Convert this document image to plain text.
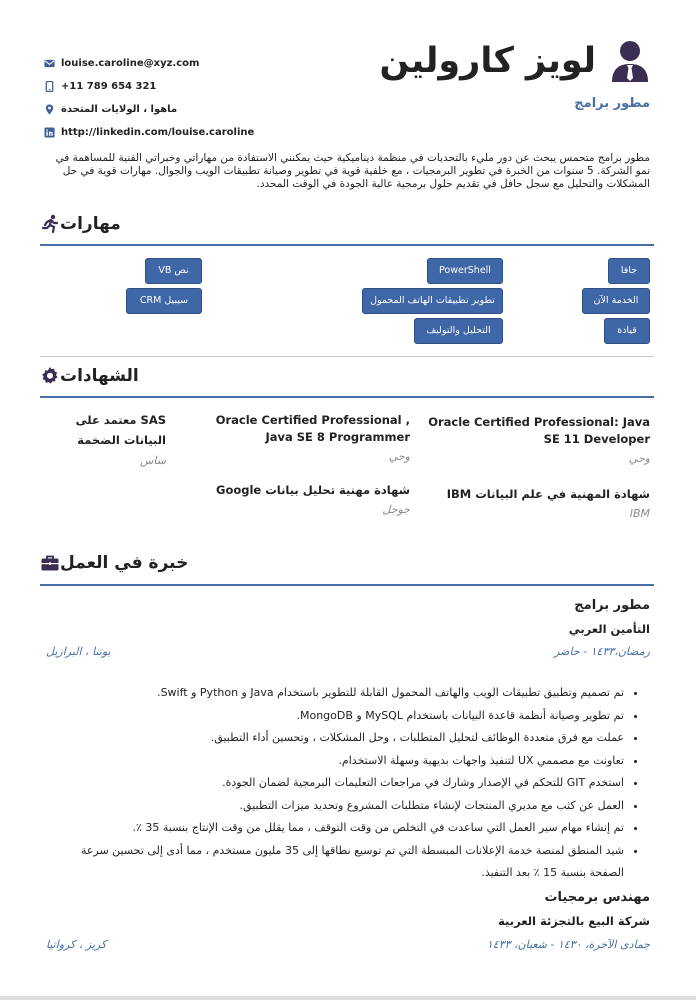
louise.caroline@xyz.com
+11 789 654 321
ماهوا ، الولايات المتحدة
http://linkedin.com/louise.caroline
لويز كارولين
مطور برامج
مطور برامج متحمس يبحث عن دور مليء بالتحديات في منظمة ديناميكية حيث يمكنني الاستفادة من مهاراتي وخبراتي الفنية للمساهمة في نمو الشركة. 5 سنوات من الخبرة في تطوير البرمجيات ، مع خلفية قوية في تطوير وصيانة تطبيقات الويب والجوال. مهارات قوية في حل المشكلات والتحليل مع سجل حافل في تقديم حلول برمجية عالية الجودة في الوقت المحدد.
مهارات
جافا
PowerShell
نص VB
الخدمة الآن
تطوير تطبيقات الهاتف المحمول
سيبيل CRM
قيادة
التحليل والتوليف
الشهادات
Oracle Certified Professional: Java SE 11 Developer
وحي
Oracle Certified Professional , Java SE 8 Programmer
وحي
SAS معتمد على البيانات الضخمة
ساس
شهادة المهنية في علم البيانات IBM
IBM
شهادة مهنية تحليل بيانات Google
جوجل
خبرة في العمل
مطور برامج
التأمين العربي
رمضان،١٤٣٣ - حاضر
بوتنا ، البرازيل
• تم تصميم وتطبيق تطبيقات الويب والهاتف المحمول القابلة للتطوير باستخدام Java و Python و Swift.
• تم تطوير وصيانة أنظمة قاعدة البيانات باستخدام MySQL و MongoDB.
• عملت مع فرق متعددة الوظائف لتحليل المتطلبات ، وحل المشكلات ، وتحسين أداء التطبيق.
• تعاونت مع مصممي UX لتنفيذ واجهات بديهية وسهلة الاستخدام.
• استخدم GIT للتحكم في الإصدار وشارك في مراجعات التعليمات البرمجية لضمان الجودة.
• العمل عن كثب مع مديري المنتجات لإنشاء متطلبات المشروع وتحديد ميزات التطبيق.
• تم إنشاء مهام سير العمل التي ساعدت في التخلص من وقت التوقف ، مما يقلل من وقت الإنتاج بنسبة 35 ٪.
• شيد المنطق لمنصة خدمة الإعلانات المبسطة التي تم توسيع نطاقها إلى 35 مليون مستخدم ، مما أدى إلى تحسين سرعة الصفحة بنسبة 15 ٪ بعد التنفيذ.
مهندس برمجيات
شركة البيع بالتجزئة العربية
جمادى الآخرة، ١٤٣٠ - شعبان، ١٤٣٣
كريز ، كرواتيا
